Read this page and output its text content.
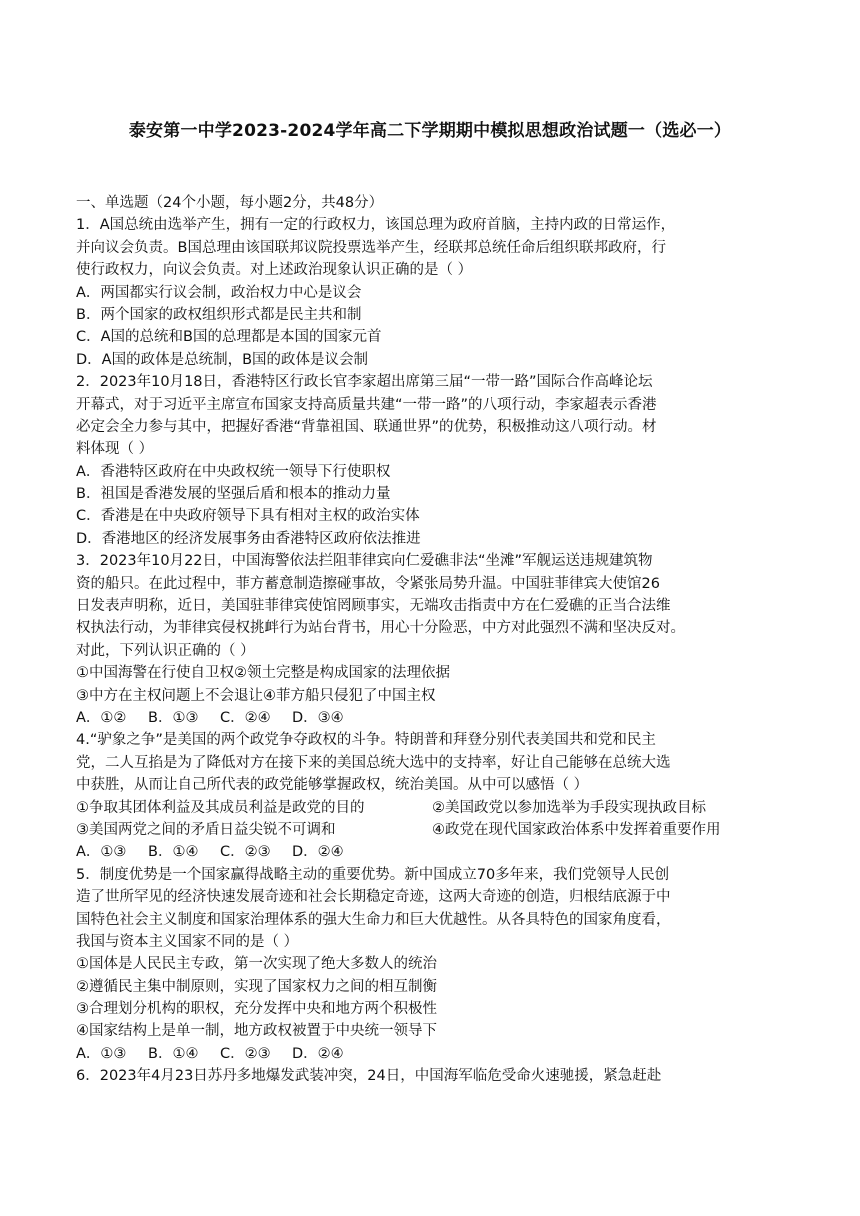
泰安第一中学2023-2024学年高二下学期期中模拟思想政治试题一（选必一）
一、单选题（24个小题，每小题2分，共48分）
1．A国总统由选举产生，拥有一定的行政权力，该国总理为政府首脑，主持内政的日常运作，
并向议会负责。B国总理由该国联邦议院投票选举产生，经联邦总统任命后组织联邦政府，行
使行政权力，向议会负责。对上述政治现象认识正确的是（ ）
A．两国都实行议会制，政治权力中心是议会
B．两个国家的政权组织形式都是民主共和制
C．A国的总统和B国的总理都是本国的国家元首
D．A国的政体是总统制，B国的政体是议会制
2．2023年10月18日，香港特区行政长官李家超出席第三届“一带一路”国际合作高峰论坛
开幕式，对于习近平主席宣布国家支持高质量共建“一带一路”的八项行动，李家超表示香港
必定会全力参与其中，把握好香港“背靠祖国、联通世界”的优势，积极推动这八项行动。材
料体现（ ）
A．香港特区政府在中央政权统一领导下行使职权
B．祖国是香港发展的坚强后盾和根本的推动力量
C．香港是在中央政府领导下具有相对主权的政治实体
D．香港地区的经济发展事务由香港特区政府依法推进
3．2023年10月22日，中国海警依法拦阻菲律宾向仁爱礁非法“坐滩”军舰运送违规建筑物
资的船只。在此过程中，菲方蓄意制造擦碰事故，令紧张局势升温。中国驻菲律宾大使馆26
日发表声明称，近日，美国驻菲律宾使馆罔顾事实，无端攻击指责中方在仁爱礁的正当合法维
权执法行动，为菲律宾侵权挑衅行为站台背书，用心十分险恶，中方对此强烈不满和坚决反对。
对此，下列认识正确的（ ）
①中国海警在行使自卫权②领土完整是构成国家的法理依据
③中方在主权问题上不会退让④菲方船只侵犯了中国主权
A．①②	B．①③	C．②④	D．③④
4.“驴象之争”是美国的两个政党争夺政权的斗争。特朗普和拜登分别代表美国共和党和民主
党，二人互掐是为了降低对方在接下来的美国总统大选中的支持率，好让自己能够在总统大选
中获胜，从而让自己所代表的政党能够掌握政权，统治美国。从中可以感悟（ ）
①争取其团体利益及其成员利益是政党的目的	②美国政党以参加选举为手段实现执政目标
③美国两党之间的矛盾日益尖锐不可调和	④政党在现代国家政治体系中发挥着重要作用
A．①③	B．①④	C．②③	D．②④
5．制度优势是一个国家赢得战略主动的重要优势。新中国成立70多年来，我们党领导人民创
造了世所罕见的经济快速发展奇迹和社会长期稳定奇迹，这两大奇迹的创造，归根结底源于中
国特色社会主义制度和国家治理体系的强大生命力和巨大优越性。从各具特色的国家角度看，
我国与资本主义国家不同的是（ ）
①国体是人民民主专政，第一次实现了绝大多数人的统治
②遵循民主集中制原则，实现了国家权力之间的相互制衡
③合理划分机构的职权，充分发挥中央和地方两个积极性
④国家结构上是单一制，地方政权被置于中央统一领导下
A．①③	B．①④	C．②③	D．②④
6．2023年4月23日苏丹多地爆发武装冲突，24日，中国海军临危受命火速驰援，紧急赶赴
